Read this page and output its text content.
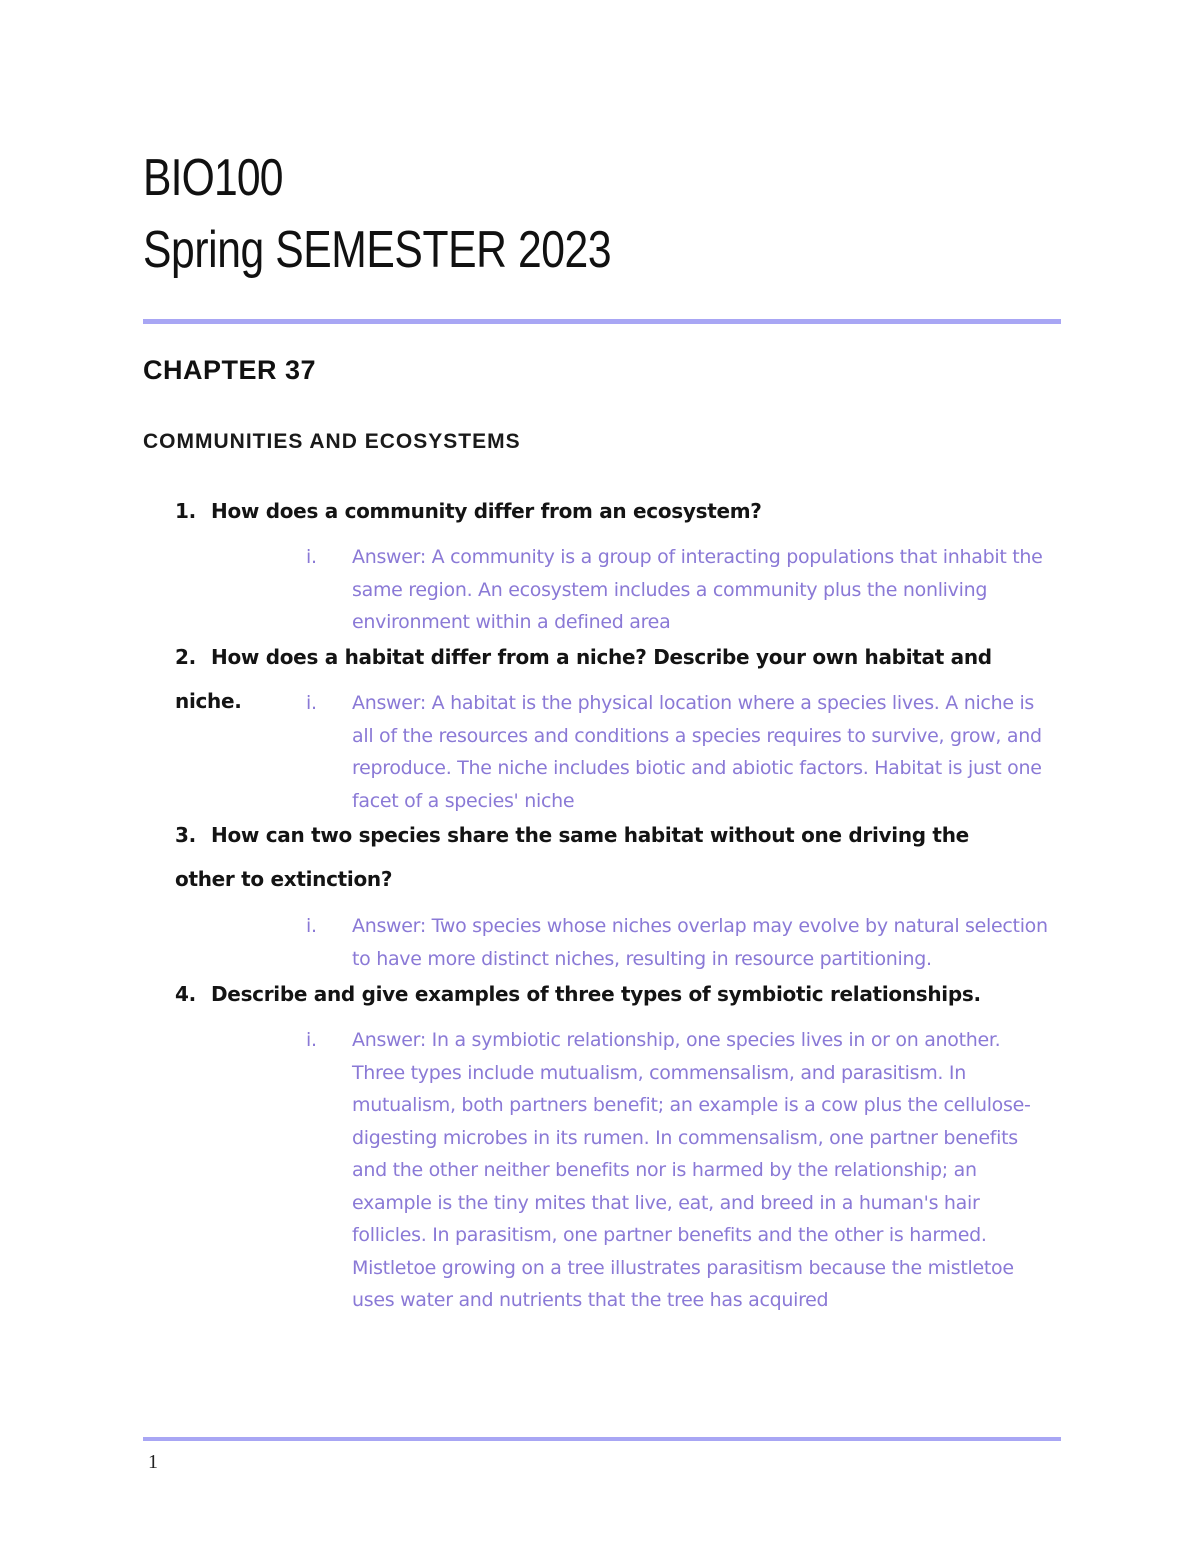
BIO100
Spring SEMESTER 2023
CHAPTER 37
COMMUNITIES AND ECOSYSTEMS
1. How does a community differ from an ecosystem?
i.	Answer: A community is a group of interacting populations that inhabit the same region. An ecosystem includes a community plus the nonliving environment within a defined area
2. How does a habitat differ from a niche? Describe your own habitat and niche.	i.	Answer: A habitat is the physical location where a species lives. A niche is all of the resources and conditions a species requires to survive, grow, and reproduce. The niche includes biotic and abiotic factors. Habitat is just one facet of a species' niche
3. How can two species share the same habitat without one driving the other to extinction?
i.	Answer: Two species whose niches overlap may evolve by natural selection to have more distinct niches, resulting in resource partitioning.
4. Describe and give examples of three types of symbiotic relationships.
i.	Answer: In a symbiotic relationship, one species lives in or on another. Three types include mutualism, commensalism, and parasitism. In mutualism, both partners benefit; an example is a cow plus the cellulose-digesting microbes in its rumen. In commensalism, one partner benefits and the other neither benefits nor is harmed by the relationship; an example is the tiny mites that live, eat, and breed in a human's hair follicles. In parasitism, one partner benefits and the other is harmed. Mistletoe growing on a tree illustrates parasitism because the mistletoe uses water and nutrients that the tree has acquired
1
